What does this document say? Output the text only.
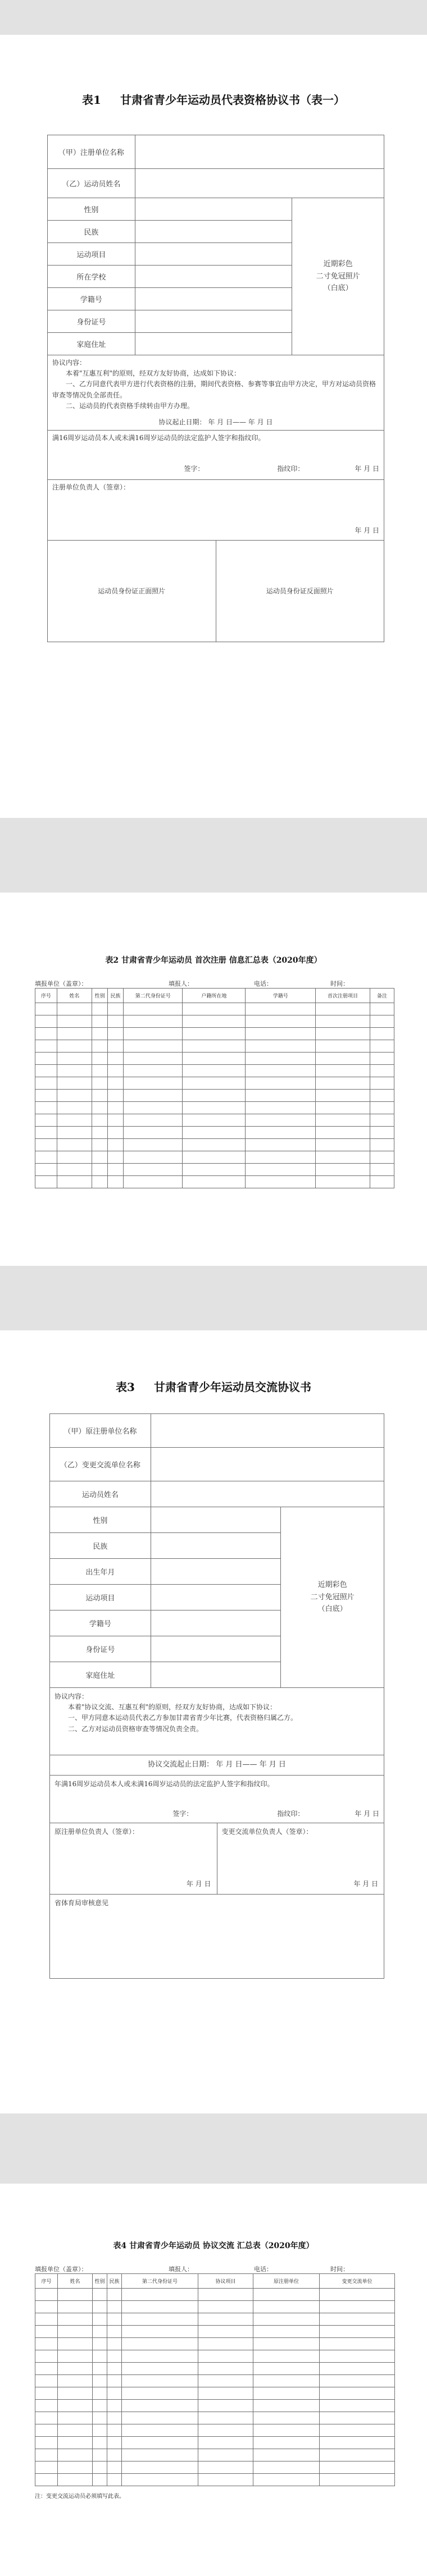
表1 甘肃省青少年运动员代表资格协议书（表一）
（甲）注册单位名称		
（乙）运动员姓名		
性别		近期彩色
二寸免冠照片
（白底）

民族		
运动项目		
所在学校		
学籍号		
身份证号		
家庭住址		

协议内容：
本着"互惠互利"的原则，经双方友好协商，达成如下协议：
一、乙方同意代表甲方进行代表资格的注册，期间代表资格、参赛等事宜由甲方决定，甲方对运动员资格审查等情况负全部责任。
二、运动员的代表资格手续转由甲方办理。
协议起止日期： 年 月 日—— 年 月 日		

满16周岁运动员本人或未满16周岁运动员的法定监护人签字和指纹印。
签字： 指纹印： 年 月 日		

注册单位负责人（签章）：
年 月 日		

运动员身份证正面照片 运动员身份证反面照片		
表2 甘肃省青少年运动员 首次注册 信息汇总表（2020年度）
填报单位（盖章）：	填报人：	电话：	时间：
序号	姓名	性别	民族	第二代身份证号	户籍所在地	学籍号	首次注册项目	备注

表3 甘肃省青少年运动员交流协议书
（甲）原注册单位名称		
（乙）变更交流单位名称		
运动员姓名		
性别		近期彩色
二寸免冠照片
（白底）

民族		
出生年月		
运动项目		
学籍号		
身份证号		
家庭住址		

协议内容：
本着"协议交流、互惠互利"的原则，经双方友好协商，达成如下协议：
一、甲方同意本运动员代表乙方参加甘肃省青少年比赛，代表资格归属乙方。
二、乙方对运动员资格审查等情况负责全责。		

协议交流起止日期： 年 月 日—— 年 月 日		

年满16周岁运动员本人或未满16周岁运动员的法定监护人签字和指纹印。
签字： 指纹印： 年 月 日		

原注册单位负责人（签章）：
年 月 日
变更交流单位负责人（签章）：
年 月 日		

省体育局审核意见		
表4 甘肃省青少年运动员 协议交流 汇总表（2020年度）
填报单位（盖章）：	填报人：	电话：	时间：
序号	姓名	性别	民族	第二代身份证号	协议项目	原注册单位	变更交流单位

注：变更交流运动员必须填写此表。
